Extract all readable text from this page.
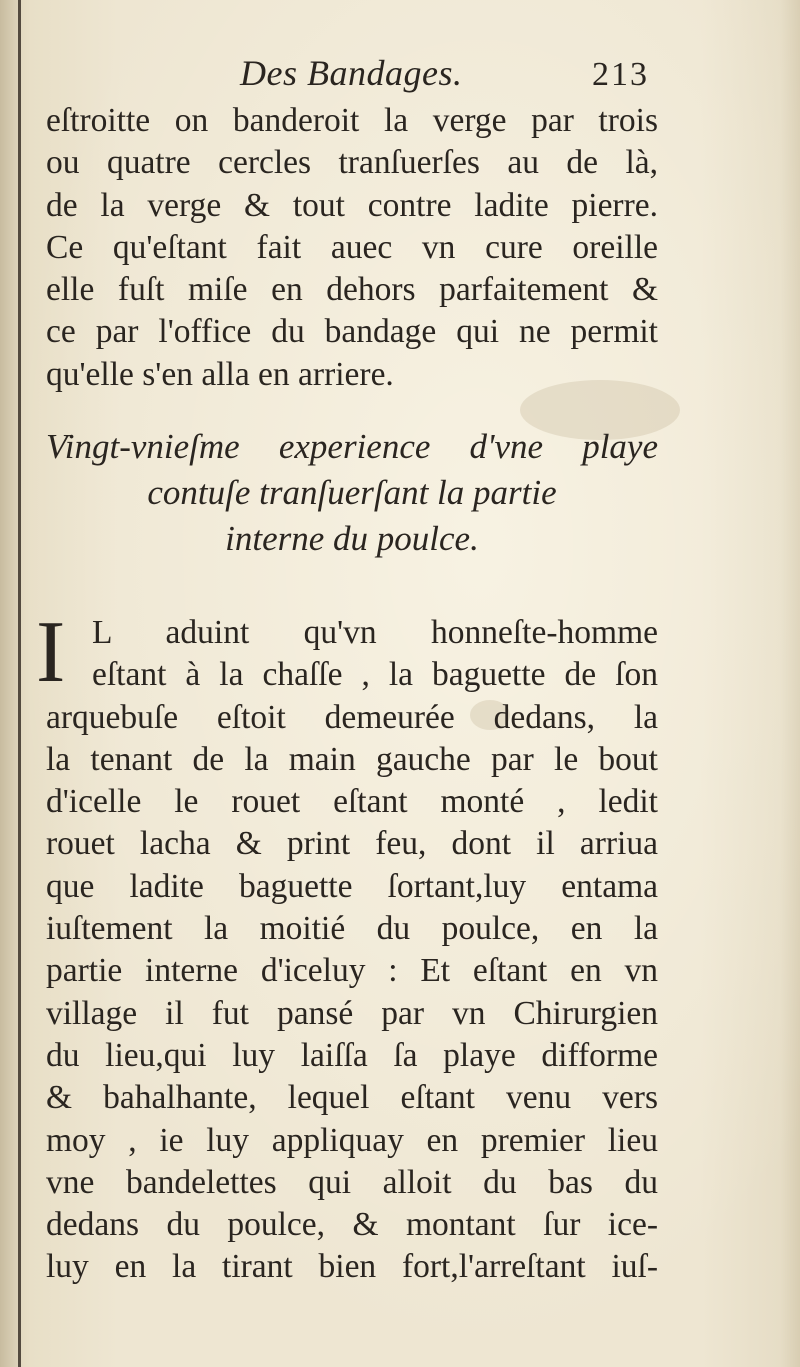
Des Bandages.	213
eſtroitte on banderoit la verge par trois
ou quatre cercles tranſuerſes au de là,
de la verge & tout contre ladite pierre.
Ce qu'eſtant fait auec vn cure oreille
elle fuſt miſe en dehors parfaitement &
ce par l'office du bandage qui ne permit
qu'elle s'en alla en arriere.
Vingt-vnieſme experience d'vne playe
contuſe tranſuerſant la partie
interne du poulce.
I L aduint qu'vn honneſte-homme
eſtant à la chaſſe , la baguette de ſon
arquebuſe eſtoit demeurée dedans, la
la tenant de la main gauche par le bout
d'icelle le rouet eſtant monté , ledit
rouet lacha & print feu, dont il arriua
que ladite baguette ſortant,luy entama
iuſtement la moitié du poulce, en la
partie interne d'iceluy : Et eſtant en vn
village il fut pansé par vn Chirurgien
du lieu,qui luy laiſſa ſa playe difforme
& bahalhante, lequel eſtant venu vers
moy , ie luy appliquay en premier lieu
vne bandelettes qui alloit du bas du
dedans du poulce, & montant ſur ice-
luy en la tirant bien fort,l'arreſtant iuſ-
